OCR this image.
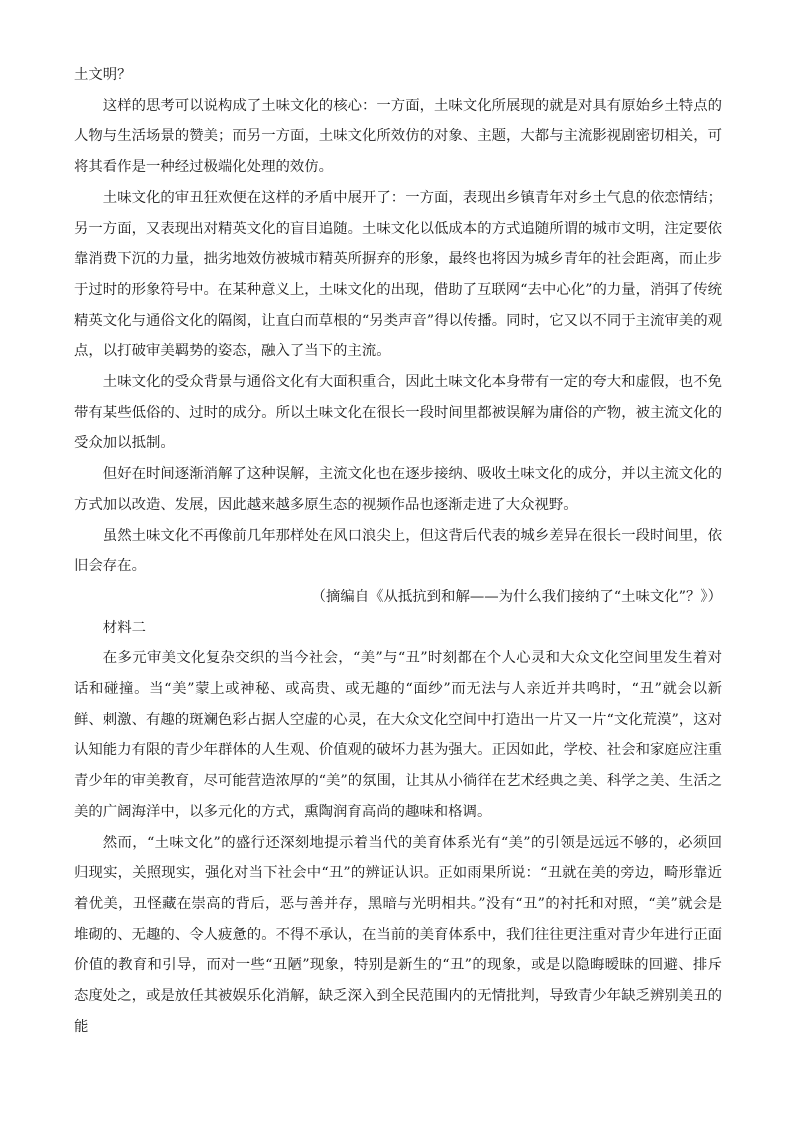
土文明？

这样的思考可以说构成了土味文化的核心：一方面，土味文化所展现的就是对具有原始乡土特点的人物与生活场景的赞美；而另一方面，土味文化所效仿的对象、主题，大都与主流影视剧密切相关，可将其看作是一种经过极端化处理的效仿。

土味文化的审丑狂欢便在这样的矛盾中展开了：一方面，表现出乡镇青年对乡土气息的依恋情结；另一方面，又表现出对精英文化的盲目追随。土味文化以低成本的方式追随所谓的城市文明，注定要依靠消费下沉的力量，拙劣地效仿被城市精英所摒弃的形象，最终也将因为城乡青年的社会距离，而止步于过时的形象符号中。在某种意义上，土味文化的出现，借助了互联网“去中心化”的力量，消弭了传统精英文化与通俗文化的隔阂，让直白而草根的“另类声音”得以传播。同时，它又以不同于主流审美的观点，以打破审美羁势的姿态，融入了当下的主流。

土味文化的受众背景与通俗文化有大面积重合，因此土味文化本身带有一定的夸大和虚假，也不免带有某些低俗的、过时的成分。所以土味文化在很长一段时间里都被误解为庸俗的产物，被主流文化的受众加以抵制。

但好在时间逐渐消解了这种误解，主流文化也在逐步接纳、吸收土味文化的成分，并以主流文化的方式加以改造、发展，因此越来越多原生态的视频作品也逐渐走进了大众视野。

虽然土味文化不再像前几年那样处在风口浪尖上，但这背后代表的城乡差异在很长一段时间里，依旧会存在。

（摘编自《从抵抗到和解——为什么我们接纳了“土味文化”？》）

材料二

在多元审美文化复杂交织的当今社会，“美”与“丑”时刻都在个人心灵和大众文化空间里发生着对话和碰撞。当“美”蒙上或神秘、或高贵、或无趣的“面纱”而无法与人亲近并共鸣时，“丑”就会以新鲜、刺激、有趣的斑斓色彩占据人空虚的心灵，在大众文化空间中打造出一片又一片“文化荒漠”，这对认知能力有限的青少年群体的人生观、价值观的破坏力甚为强大。正因如此，学校、社会和家庭应注重青少年的审美教育，尽可能营造浓厚的“美”的氛围，让其从小徜徉在艺术经典之美、科学之美、生活之美的广阔海洋中，以多元化的方式，熏陶润育高尚的趣味和格调。

然而，“土味文化”的盛行还深刻地提示着当代的美育体系光有“美”的引领是远远不够的，必须回归现实，关照现实，强化对当下社会中“丑”的辨证认识。正如雨果所说：“丑就在美的旁边，畸形靠近着优美，丑怪藏在崇高的背后，恶与善并存，黑暗与光明相共。”没有“丑”的衬托和对照，“美”就会是堆砌的、无趣的、令人疲惫的。不得不承认，在当前的美育体系中，我们往往更注重对青少年进行正面价值的教育和引导，而对一些“丑陋”现象，特别是新生的“丑”的现象，或是以隐晦暧昧的回避、排斥态度处之，或是放任其被娱乐化消解，缺乏深入到全民范围内的无情批判，导致青少年缺乏辨别美丑的能
